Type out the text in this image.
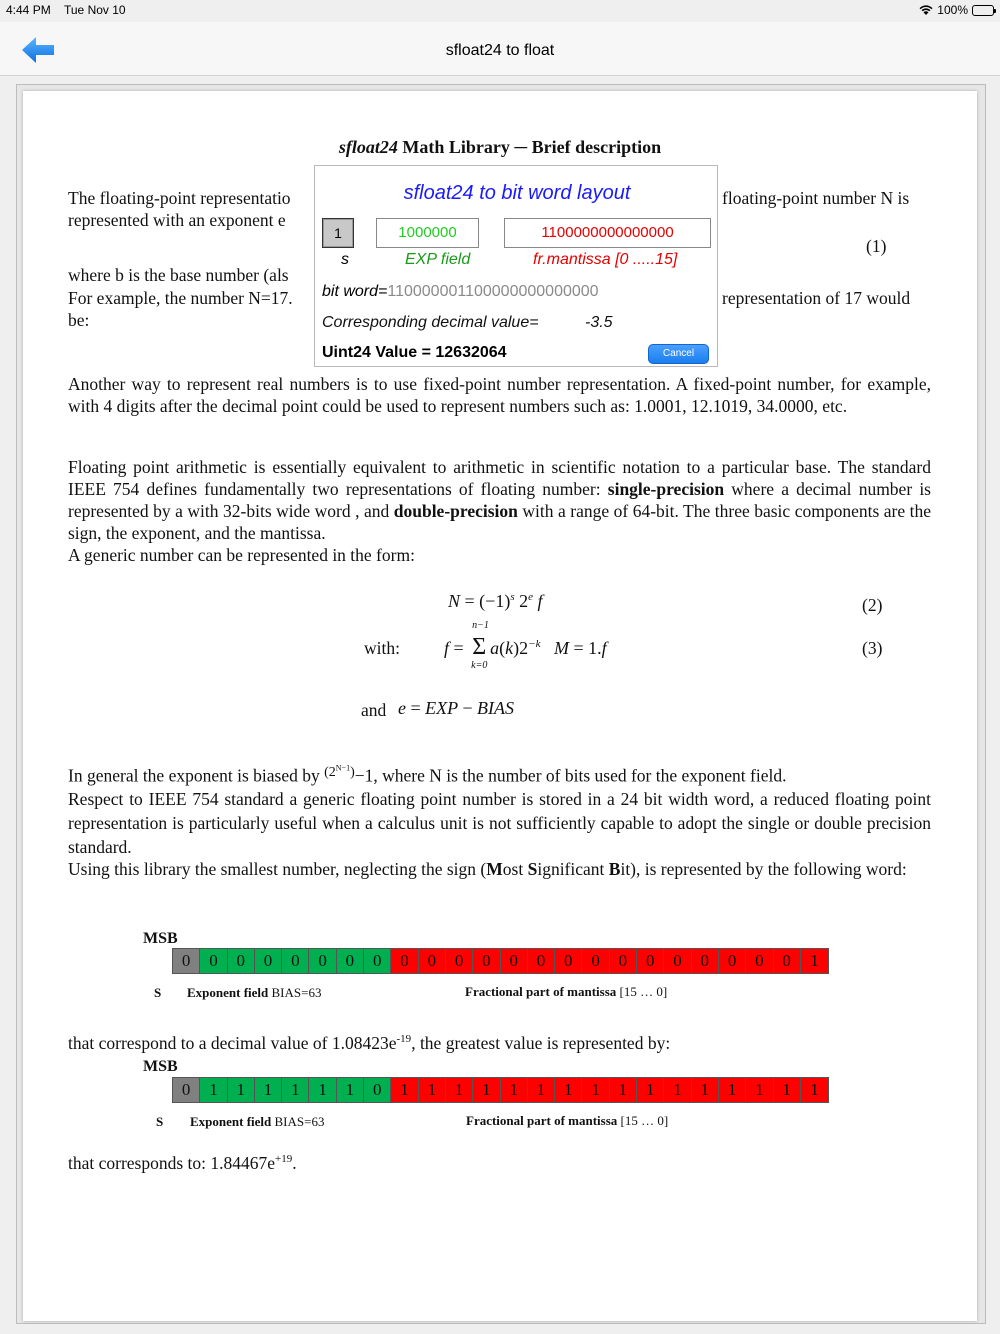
4:44 PM Tue Nov 10	100%
sfloat24 to float
sfloat24 Math Library ─ Brief description
The floating-point representatio	floating-point number N is
represented with an exponent e
(1)
where b is the base number (als
For example, the number N=17.	representation of 17 would
be:
Another way to represent real numbers is to use fixed-point number representation. A fixed-point number, for example, with 4 digits after the decimal point could be used to represent numbers such as: 1.0001, 12.1019, 34.0000, etc.
Floating point arithmetic is essentially equivalent to arithmetic in scientific notation to a particular base. The standard IEEE 754 defines fundamentally two representations of floating number: single-precision where a decimal number is represented by a with 32-bits wide word , and double-precision with a range of 64-bit. The three basic components are the sign, the exponent, and the mantissa.
A generic number can be represented in the form:
$N = (-1)^s$ 2e f	(2)
with: f =
n−1
Σ
k=0
$a(k)2^{-k}$   M = 1.f	(3)
and e = EXP − BIAS
In general the exponent is biased by $^{(2^{N-1})}$−1, where N is the number of bits used for the exponent field.
Respect to IEEE 754 standard a generic floating point number is stored in a 24 bit width word, a reduced floating point representation is particularly useful when a calculus unit is not sufficiently capable to adopt the single or double precision standard.
Using this library the smallest number, neglecting the sign (Most Significant Bit), is represented by the following word:
MSB
0	0	0	0	0	0	0	0	0	0	0	0	0	0	0	0	0	0	0	0	0	0	0	1
S Exponent field BIAS=63	Fractional part of mantissa [15 … 0]
that correspond to a decimal value of $1.08423e^{-19}$, the greatest value is represented by:
MSB
0	1	1	1	1	1	1	0	1	1	1	1	1	1	1	1	1	1	1	1	1	1	1	1
S Exponent field BIAS=63	Fractional part of mantissa [15 … 0]
that corresponds to: $1.84467e^{+19}$.
sfloat24 to bit word layout
1	1000000	1100000000000000
s	EXP field	fr.mantissa [0 .....15]
bit word=110000001100000000000000
Corresponding decimal value=	-3.5
Uint24 Value = 12632064	Cancel
